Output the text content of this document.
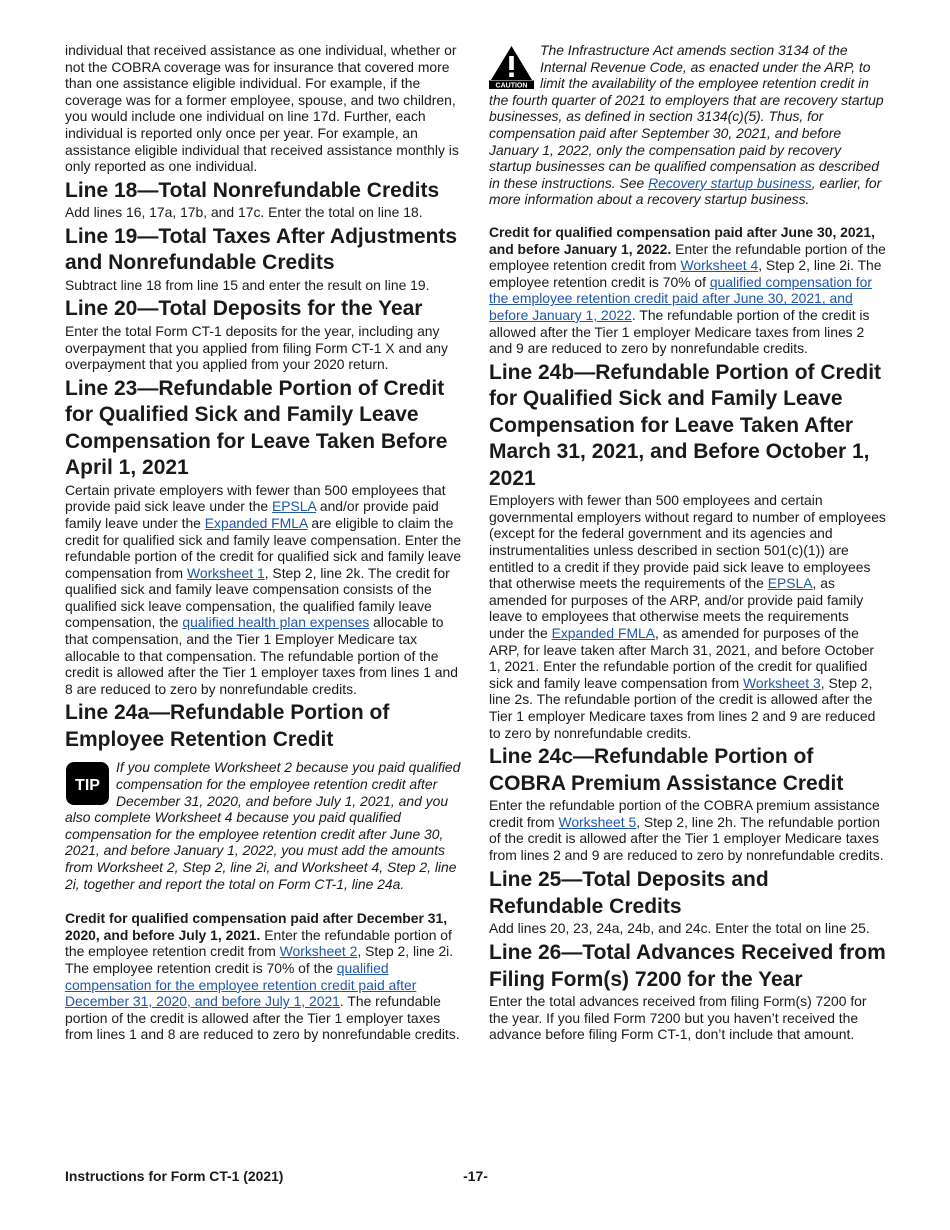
individual that received assistance as one individual, whether or not the COBRA coverage was for insurance that covered more than one assistance eligible individual. For example, if the coverage was for a former employee, spouse, and two children, you would include one individual on line 17d. Further, each individual is reported only once per year. For example, an assistance eligible individual that received assistance monthly is only reported as one individual.

Line 18—Total Nonrefundable Credits

Add lines 16, 17a, 17b, and 17c. Enter the total on line 18.

Line 19—Total Taxes After Adjustments and Nonrefundable Credits

Subtract line 18 from line 15 and enter the result on line 19.

Line 20—Total Deposits for the Year

Enter the total Form CT-1 deposits for the year, including any overpayment that you applied from filing Form CT-1 X and any overpayment that you applied from your 2020 return.

Line 23—Refundable Portion of Credit for Qualified Sick and Family Leave Compensation for Leave Taken Before April 1, 2021

Certain private employers with fewer than 500 employees that provide paid sick leave under the EPSLA and/or provide paid family leave under the Expanded FMLA are eligible to claim the credit for qualified sick and family leave compensation. Enter the refundable portion of the credit for qualified sick and family leave compensation from Worksheet 1, Step 2, line 2k. The credit for qualified sick and family leave compensation consists of the qualified sick leave compensation, the qualified family leave compensation, the qualified health plan expenses allocable to that compensation, and the Tier 1 Employer Medicare tax allocable to that compensation. The refundable portion of the credit is allowed after the Tier 1 employer taxes from lines 1 and 8 are reduced to zero by nonrefundable credits.

Line 24a—Refundable Portion of Employee Retention Credit
TIP

If you complete Worksheet 2 because you paid qualified compensation for the employee retention credit after December 31, 2020, and before July 1, 2021, and you also complete Worksheet 4 because you paid qualified compensation for the employee retention credit after June 30, 2021, and before January 1, 2022, you must add the amounts from Worksheet 2, Step 2, line 2i, and Worksheet 4, Step 2, line 2i, together and report the total on Form CT-1, line 24a.

Credit for qualified compensation paid after December 31, 2020, and before July 1, 2021. Enter the refundable portion of the employee retention credit from Worksheet 2, Step 2, line 2i. The employee retention credit is 70% of the qualified compensation for the employee retention credit paid after December 31, 2020, and before July 1, 2021. The refundable portion of the credit is allowed after the Tier 1 employer taxes from lines 1 and 8 are reduced to zero by nonrefundable credits.

CAUTION

The Infrastructure Act amends section 3134 of the Internal Revenue Code, as enacted under the ARP, to limit the availability of the employee retention credit in the fourth quarter of 2021 to employers that are recovery startup businesses, as defined in section 3134(c)(5). Thus, for compensation paid after September 30, 2021, and before January 1, 2022, only the compensation paid by recovery startup businesses can be qualified compensation as described in these instructions. See Recovery startup business, earlier, for more information about a recovery startup business.

Credit for qualified compensation paid after June 30, 2021, and before January 1, 2022. Enter the refundable portion of the employee retention credit from Worksheet 4, Step 2, line 2i. The employee retention credit is 70% of qualified compensation for the employee retention credit paid after June 30, 2021, and before January 1, 2022. The refundable portion of the credit is allowed after the Tier 1 employer Medicare taxes from lines 2 and 9 are reduced to zero by nonrefundable credits.

Line 24b—Refundable Portion of Credit for Qualified Sick and Family Leave Compensation for Leave Taken After March 31, 2021, and Before October 1, 2021

Employers with fewer than 500 employees and certain governmental employers without regard to number of employees (except for the federal government and its agencies and instrumentalities unless described in section 501(c)(1)) are entitled to a credit if they provide paid sick leave to employees that otherwise meets the requirements of the EPSLA, as amended for purposes of the ARP, and/or provide paid family leave to employees that otherwise meets the requirements under the Expanded FMLA, as amended for purposes of the ARP, for leave taken after March 31, 2021, and before October 1, 2021. Enter the refundable portion of the credit for qualified sick and family leave compensation from Worksheet 3, Step 2, line 2s. The refundable portion of the credit is allowed after the Tier 1 employer Medicare taxes from lines 2 and 9 are reduced to zero by nonrefundable credits.

Line 24c—Refundable Portion of COBRA Premium Assistance Credit

Enter the refundable portion of the COBRA premium assistance credit from Worksheet 5, Step 2, line 2h. The refundable portion of the credit is allowed after the Tier 1 employer Medicare taxes from lines 2 and 9 are reduced to zero by nonrefundable credits.

Line 25—Total Deposits and Refundable Credits

Add lines 20, 23, 24a, 24b, and 24c. Enter the total on line 25.

Line 26—Total Advances Received from Filing Form(s) 7200 for the Year

Enter the total advances received from filing Form(s) 7200 for the year. If you filed Form 7200 but you haven’t received the advance before filing Form CT-1, don’t include that amount.

-17-
Instructions for Form CT-1 (2021)
